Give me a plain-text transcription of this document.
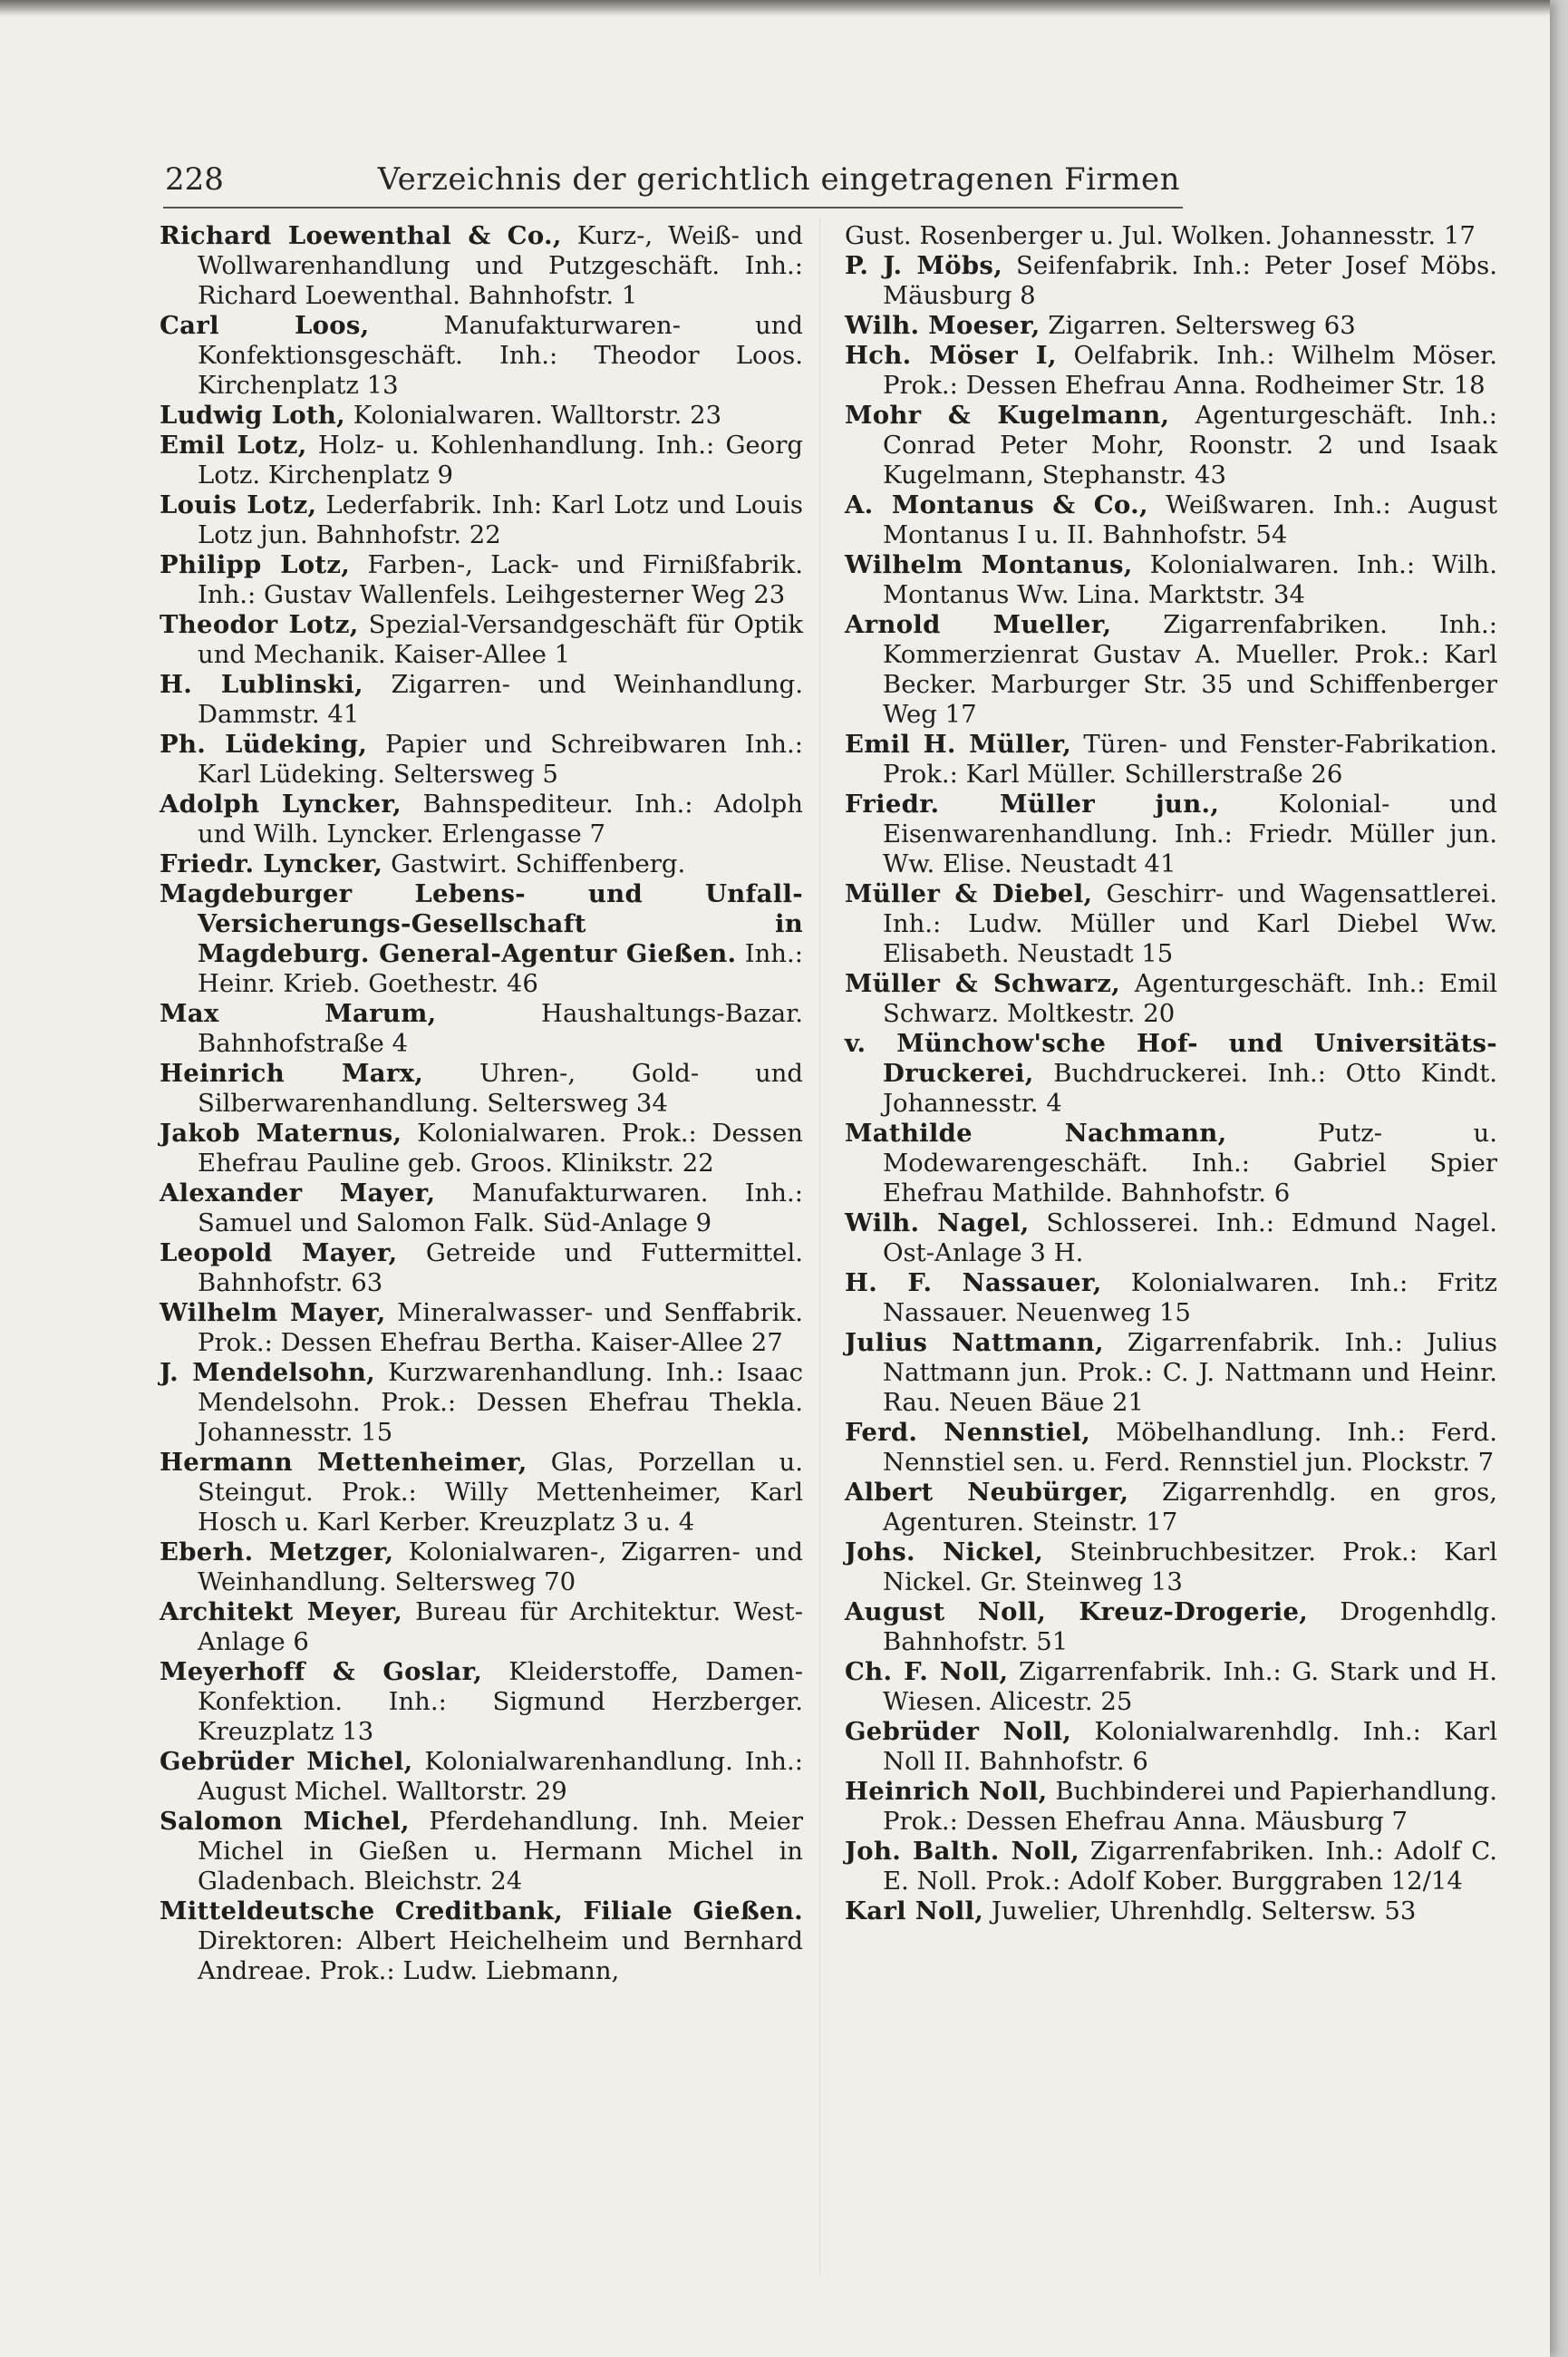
228	Verzeichnis der gerichtlich eingetragenen Firmen
Richard Loewenthal & Co., Kurz-, Weiß- und Wollwarenhandlung und Putzgeschäft. Inh.: Richard Loewenthal. Bahnhofstr. 1
Carl Loos,	Manufakturwaren- und Konfektionsgeschäft. Inh.: Theodor Loos. Kirchenplatz 13
Ludwig Loth, Kolonialwaren. Walltorstr. 23
Emil Lotz, Holz- u. Kohlenhandlung. Inh.: Georg Lotz. Kirchenplatz 9
Louis Lotz, Lederfabrik. Inh: Karl Lotz und Louis Lotz jun. Bahnhofstr. 22
Philipp Lotz, Farben-, Lack- und Firnißfabrik. Inh.: Gustav Wallenfels. Leihgesterner Weg 23
Theodor Lotz, Spezial-Versandgeschäft für Optik und Mechanik. Kaiser-Allee 1
H. Lublinski, Zigarren- und Weinhandlung. Dammstr. 41
Ph. Lüdeking, Papier und Schreibwaren Inh.: Karl Lüdeking. Seltersweg 5
Adolph Lyncker, Bahnspediteur. Inh.: Adolph und Wilh. Lyncker. Erlengasse 7
Friedr. Lyncker, Gastwirt. Schiffenberg.
Magdeburger Lebens- und Unfall-Versicherungs-Gesellschaft in Magdeburg. General-Agentur Gießen. Inh.: Heinr. Krieb. Goethestr. 46
Max Marum,	Haushaltungs-Bazar. Bahnhofstraße 4
Heinrich Marx, Uhren-, Gold- und Silberwarenhandlung. Seltersweg 34
Jakob Maternus, Kolonialwaren. Prok.: Dessen Ehefrau Pauline geb. Groos. Klinikstr. 22
Alexander Mayer, Manufakturwaren. Inh.: Samuel und Salomon Falk. Süd-Anlage 9
Leopold Mayer, Getreide und Futtermittel. Bahnhofstr. 63
Wilhelm Mayer, Mineralwasser- und Senffabrik. Prok.: Dessen Ehefrau Bertha. Kaiser-Allee 27
J. Mendelsohn, Kurzwarenhandlung. Inh.: Isaac Mendelsohn. Prok.: Dessen Ehefrau Thekla. Johannesstr. 15
Hermann Mettenheimer, Glas, Porzellan u. Steingut. Prok.: Willy Mettenheimer, Karl Hosch u. Karl Kerber. Kreuzplatz 3 u. 4
Eberh. Metzger, Kolonialwaren-, Zigarren- und Weinhandlung. Seltersweg 70
Architekt Meyer, Bureau für Architektur. West-Anlage 6
Meyerhoff & Goslar, Kleiderstoffe, Damen-Konfektion. Inh.: Sigmund Herzberger. Kreuzplatz 13
Gebrüder Michel, Kolonialwarenhandlung. Inh.: August Michel. Walltorstr. 29
Salomon Michel, Pferdehandlung. Inh. Meier Michel in Gießen u. Hermann Michel in Gladenbach. Bleichstr. 24
Mitteldeutsche Creditbank, Filiale Gießen. Direktoren: Albert Heichelheim und Bernhard Andreae. Prok.: Ludw. Liebmann,
Gust. Rosenberger u. Jul. Wolken. Johannesstr. 17
P. J. Möbs, Seifenfabrik. Inh.: Peter Josef Möbs. Mäusburg 8
Wilh. Moeser, Zigarren. Seltersweg 63
Hch. Möser I, Oelfabrik. Inh.: Wilhelm Möser. Prok.: Dessen Ehefrau Anna. Rodheimer Str. 18
Mohr & Kugelmann, Agenturgeschäft. Inh.: Conrad Peter Mohr, Roonstr. 2 und Isaak Kugelmann, Stephanstr. 43
A. Montanus & Co., Weißwaren. Inh.: August Montanus I u. II. Bahnhofstr. 54
Wilhelm Montanus, Kolonialwaren. Inh.: Wilh. Montanus Ww. Lina. Marktstr. 34
Arnold Mueller, Zigarrenfabriken. Inh.: Kommerzienrat Gustav A. Mueller. Prok.: Karl Becker. Marburger Str. 35 und Schiffenberger Weg 17
Emil H. Müller, Türen- und Fenster-Fabrikation. Prok.: Karl Müller. Schillerstraße 26
Friedr. Müller jun., Kolonial- und Eisenwarenhandlung. Inh.: Friedr. Müller jun. Ww. Elise. Neustadt 41
Müller & Diebel, Geschirr- und Wagensattlerei. Inh.: Ludw. Müller und Karl Diebel Ww. Elisabeth. Neustadt 15
Müller & Schwarz, Agenturgeschäft. Inh.: Emil Schwarz. Moltkestr. 20
v. Münchow'sche Hof- und Universitäts-Druckerei, Buchdruckerei. Inh.: Otto Kindt. Johannesstr. 4
Mathilde Nachmann,	Putz- u. Modewarengeschäft. Inh.: Gabriel Spier Ehefrau Mathilde. Bahnhofstr. 6
Wilh. Nagel, Schlosserei. Inh.: Edmund Nagel. Ost-Anlage 3 H.
H. F. Nassauer, Kolonialwaren. Inh.: Fritz Nassauer. Neuenweg 15
Julius Nattmann, Zigarrenfabrik. Inh.: Julius Nattmann jun. Prok.: C. J. Nattmann und Heinr. Rau. Neuen Bäue 21
Ferd. Nennstiel, Möbelhandlung. Inh.: Ferd. Nennstiel sen. u. Ferd. Rennstiel jun. Plockstr. 7
Albert Neubürger, Zigarrenhdlg. en gros, Agenturen. Steinstr. 17
Johs. Nickel, Steinbruchbesitzer. Prok.: Karl Nickel. Gr. Steinweg 13
August Noll, Kreuz-Drogerie, Drogenhdlg. Bahnhofstr. 51
Ch. F. Noll, Zigarrenfabrik. Inh.: G. Stark und H. Wiesen. Alicestr. 25
Gebrüder Noll, Kolonialwarenhdlg. Inh.: Karl Noll II. Bahnhofstr. 6
Heinrich Noll, Buchbinderei und Papierhandlung. Prok.: Dessen Ehefrau Anna. Mäusburg 7
Joh. Balth. Noll, Zigarrenfabriken. Inh.: Adolf C. E. Noll. Prok.: Adolf Kober. Burggraben 12/14
Karl Noll, Juwelier, Uhrenhdlg. Seltersw. 53
